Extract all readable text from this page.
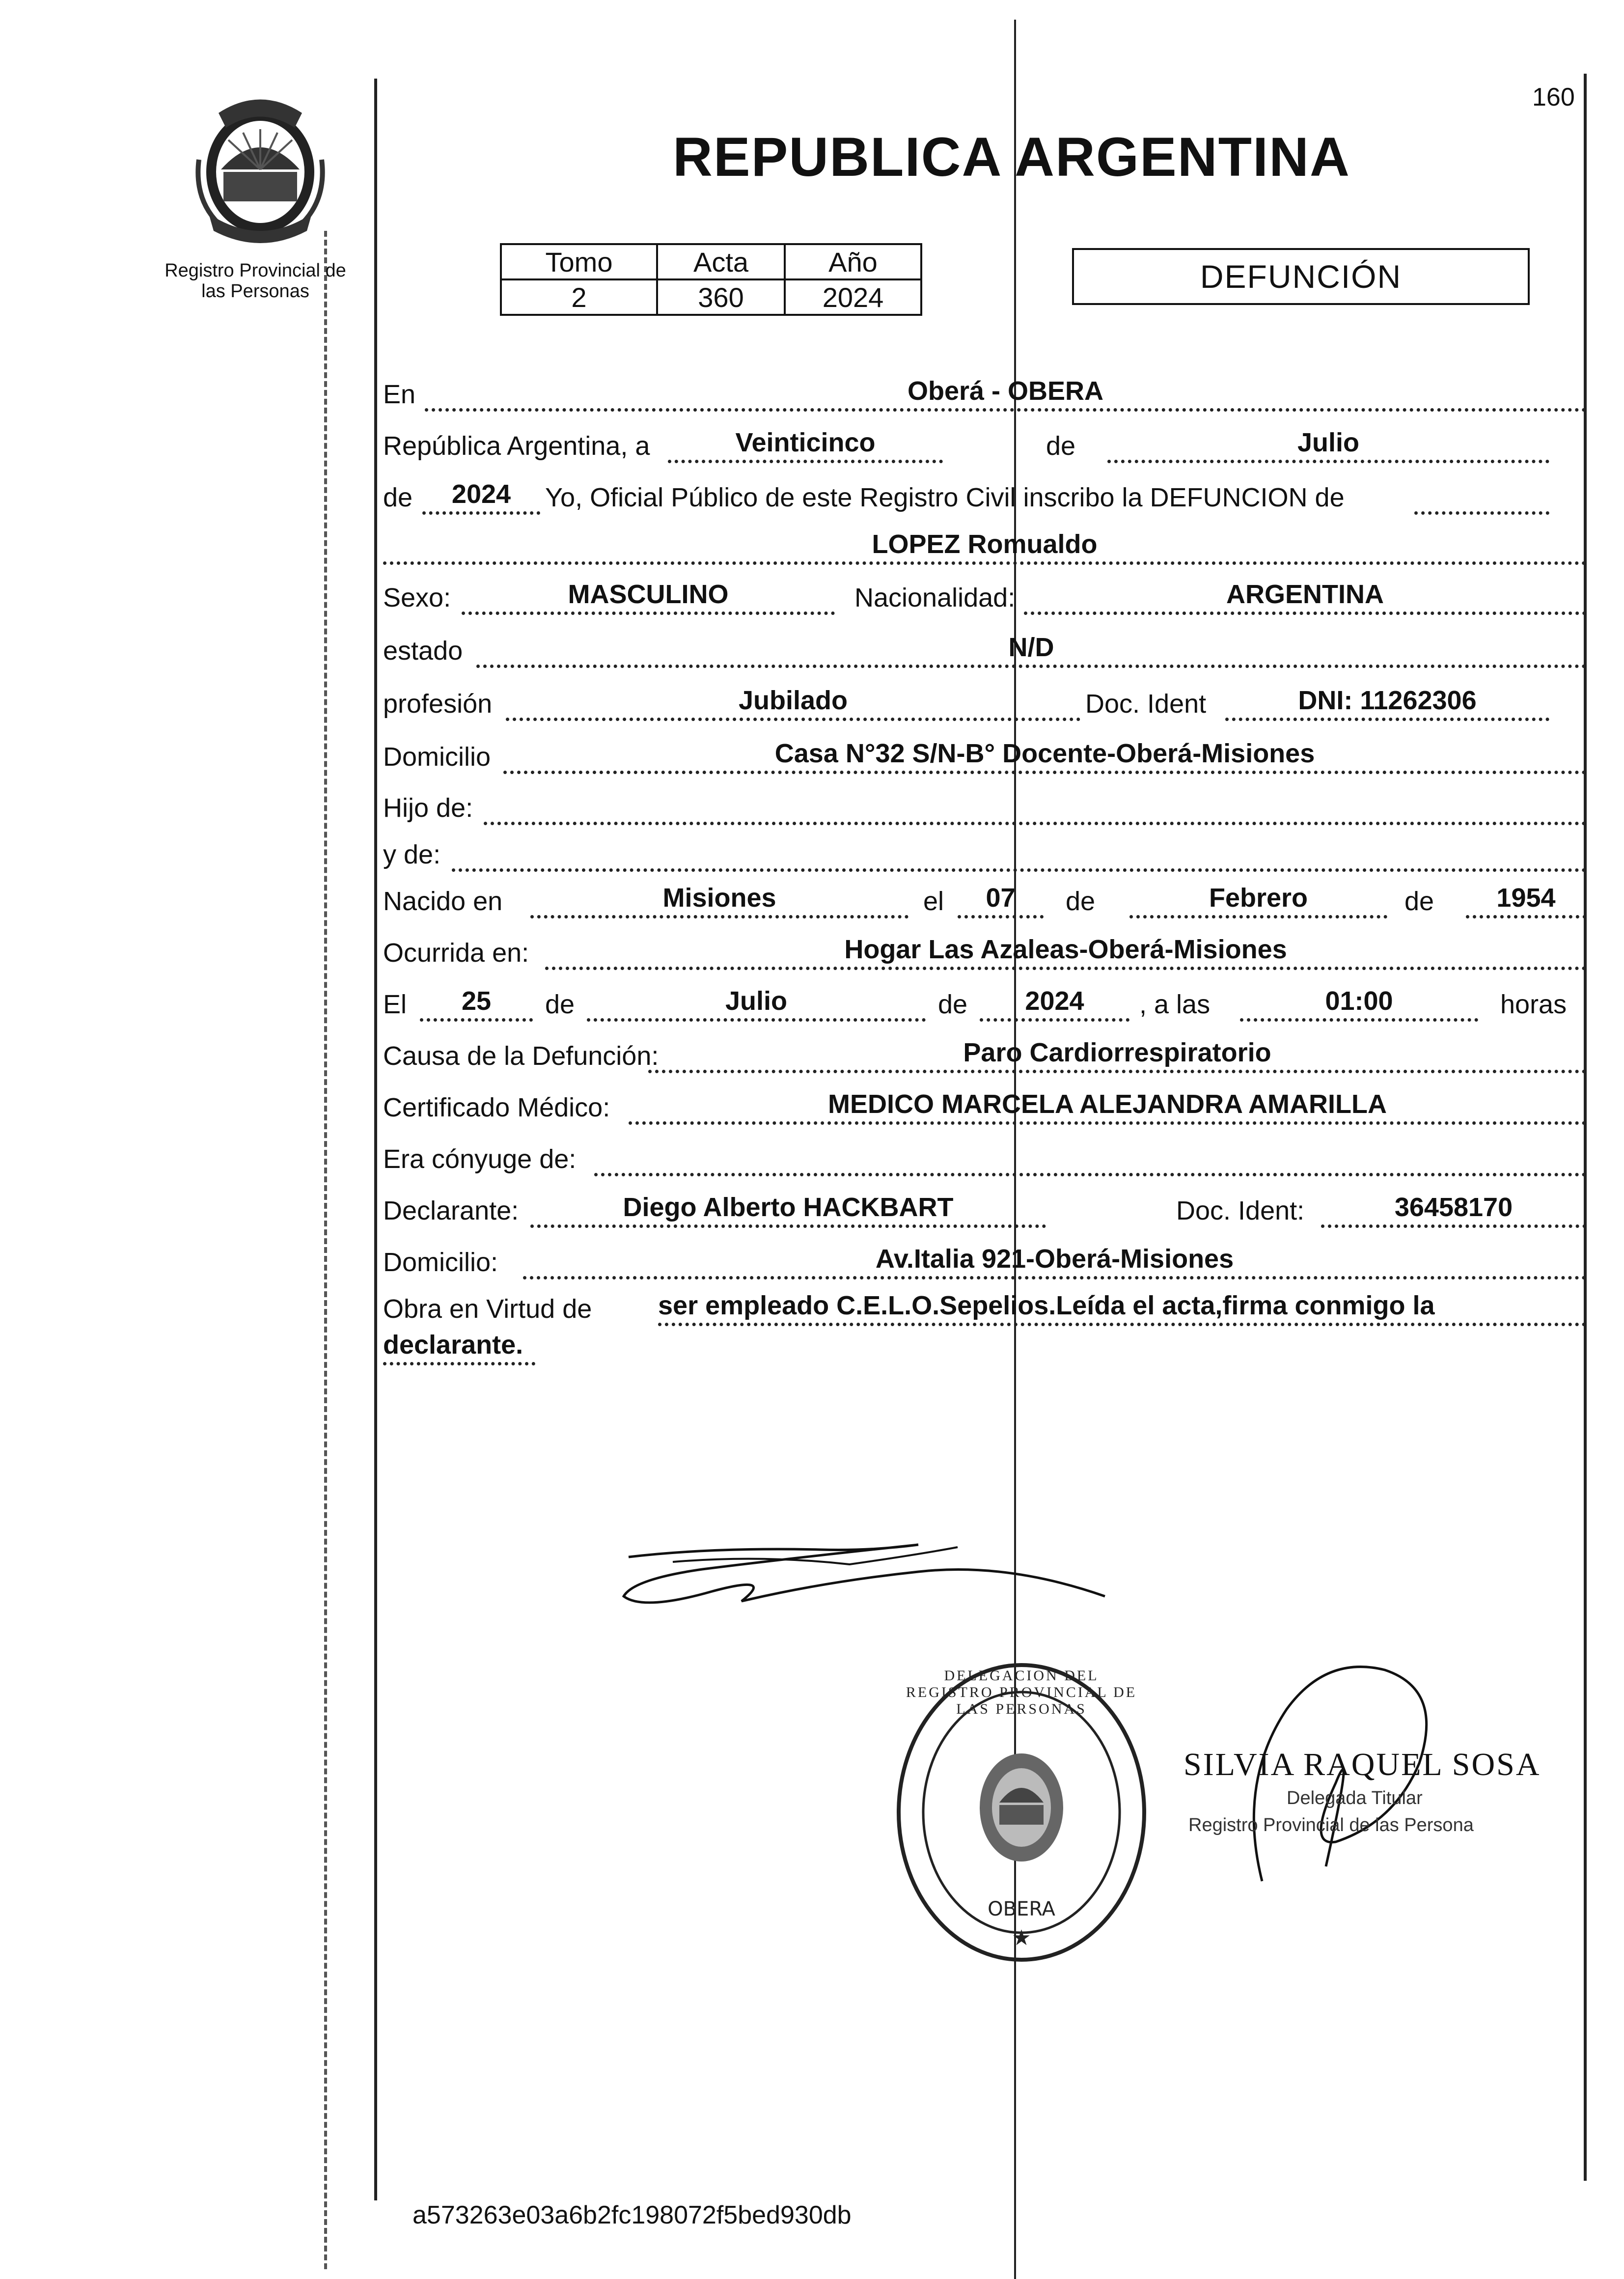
Registro Provincial de las Personas
REPUBLICA ARGENTINA
160
Tomo	Acta	Año
2	360	2024
DEFUNCIÓN
En	Oberá - OBERA
República Argentina, a	Veinticinco	de	Julio
de	2024	Yo, Oficial Público de este Registro Civil inscribo la DEFUNCION de
LOPEZ Romualdo
Sexo:	MASCULINO	Nacionalidad:	ARGENTINA
estado	N/D
profesión	Jubilado	Doc. Ident	DNI: 11262306
Domicilio	Casa N°32 S/N-B° Docente-Oberá-Misiones
Hijo de:
y de:
Nacido en	Misiones	el	07	de	Febrero	de	1954
Ocurrida en:	Hogar Las Azaleas-Oberá-Misiones
El	25	de	Julio	de	2024	, a las	01:00	horas
Causa de la Defunción:	Paro Cardiorrespiratorio
Certificado Médico:	MEDICO MARCELA ALEJANDRA AMARILLA
Era cónyuge de:
Declarante:	Diego Alberto HACKBART	Doc. Ident:	36458170
Domicilio:	Av.Italia 921-Oberá-Misiones
Obra en Virtud de ser empleado C.E.L.O.Sepelios.Leída el acta,firma conmigo la
declarante.
OBERA
★
DELEGACION DEL REGISTRO PROVINCIAL DE LAS PERSONAS
SILVIA RAQUEL SOSA
Delegada Titular
Registro Provincial de las Persona
a573263e03a6b2fc198072f5bed930db
